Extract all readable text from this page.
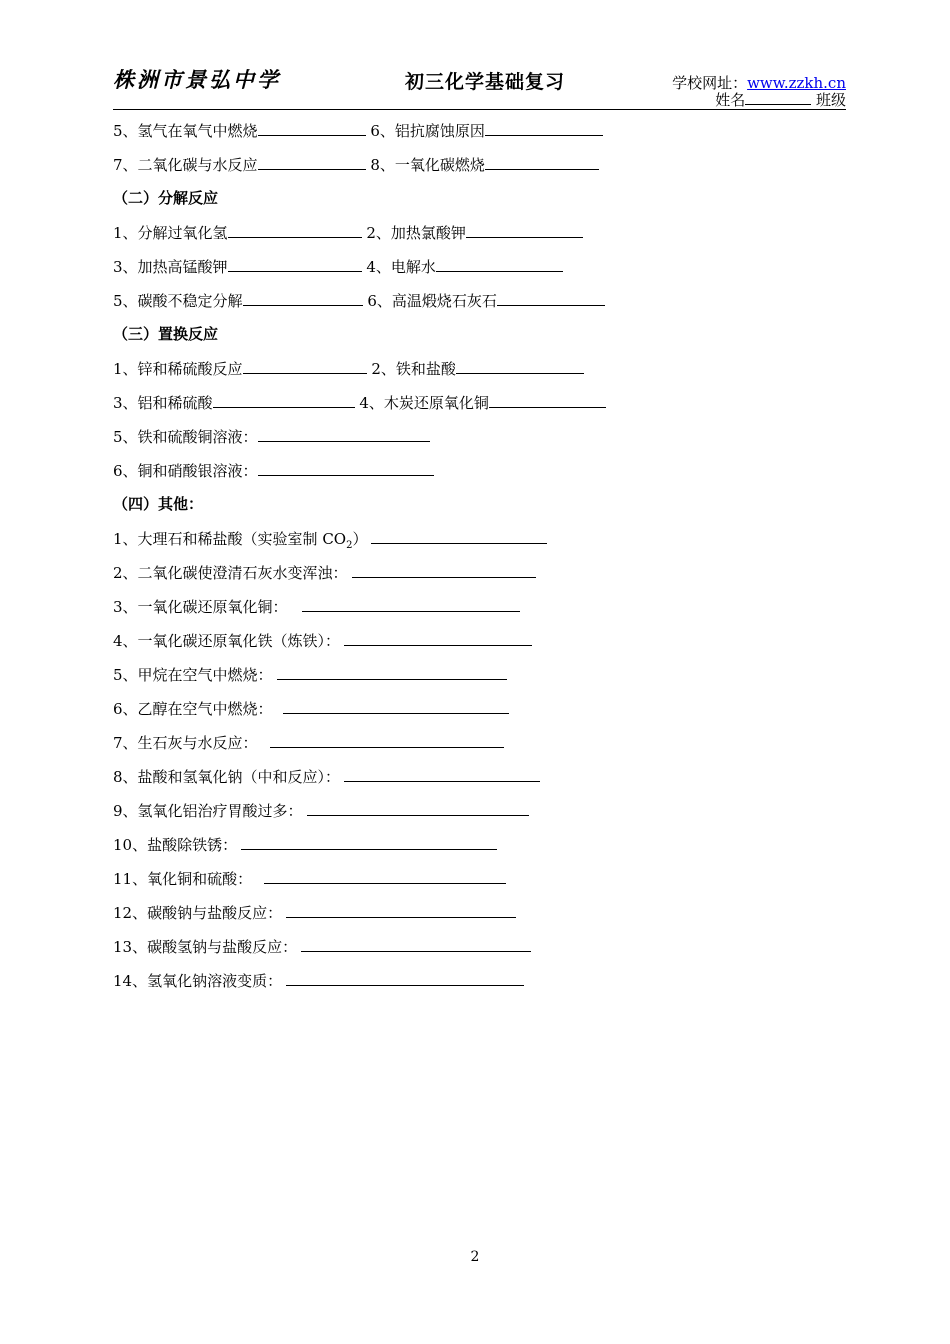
株洲市景弘中学	初三化学基础复习	学校网址：www.zzkh.cn
姓名	班级
5、氢气在氧气中燃烧	6、铝抗腐蚀原因
7、二氧化碳与水反应	8、一氧化碳燃烧
（二）分解反应
1、分解过氧化氢	2、加热氯酸钾
3、加热高锰酸钾	4、电解水
5、碳酸不稳定分解	6、高温煅烧石灰石
（三）置换反应
1、锌和稀硫酸反应	2、铁和盐酸
3、铝和稀硫酸	4、木炭还原氧化铜
5、铁和硫酸铜溶液：
6、铜和硝酸银溶液：
（四）其他：
1、大理石和稀盐酸（实验室制 $CO_2$）
2、二氧化碳使澄清石灰水变浑浊：
3、一氧化碳还原氧化铜：
4、一氧化碳还原氧化铁（炼铁）：
5、甲烷在空气中燃烧：
6、乙醇在空气中燃烧：
7、生石灰与水反应：
8、盐酸和氢氧化钠（中和反应）：
9、氢氧化铝治疗胃酸过多：
10、盐酸除铁锈：
11、氧化铜和硫酸：
12、碳酸钠与盐酸反应：
13、碳酸氢钠与盐酸反应：
14、氢氧化钠溶液变质：
2
